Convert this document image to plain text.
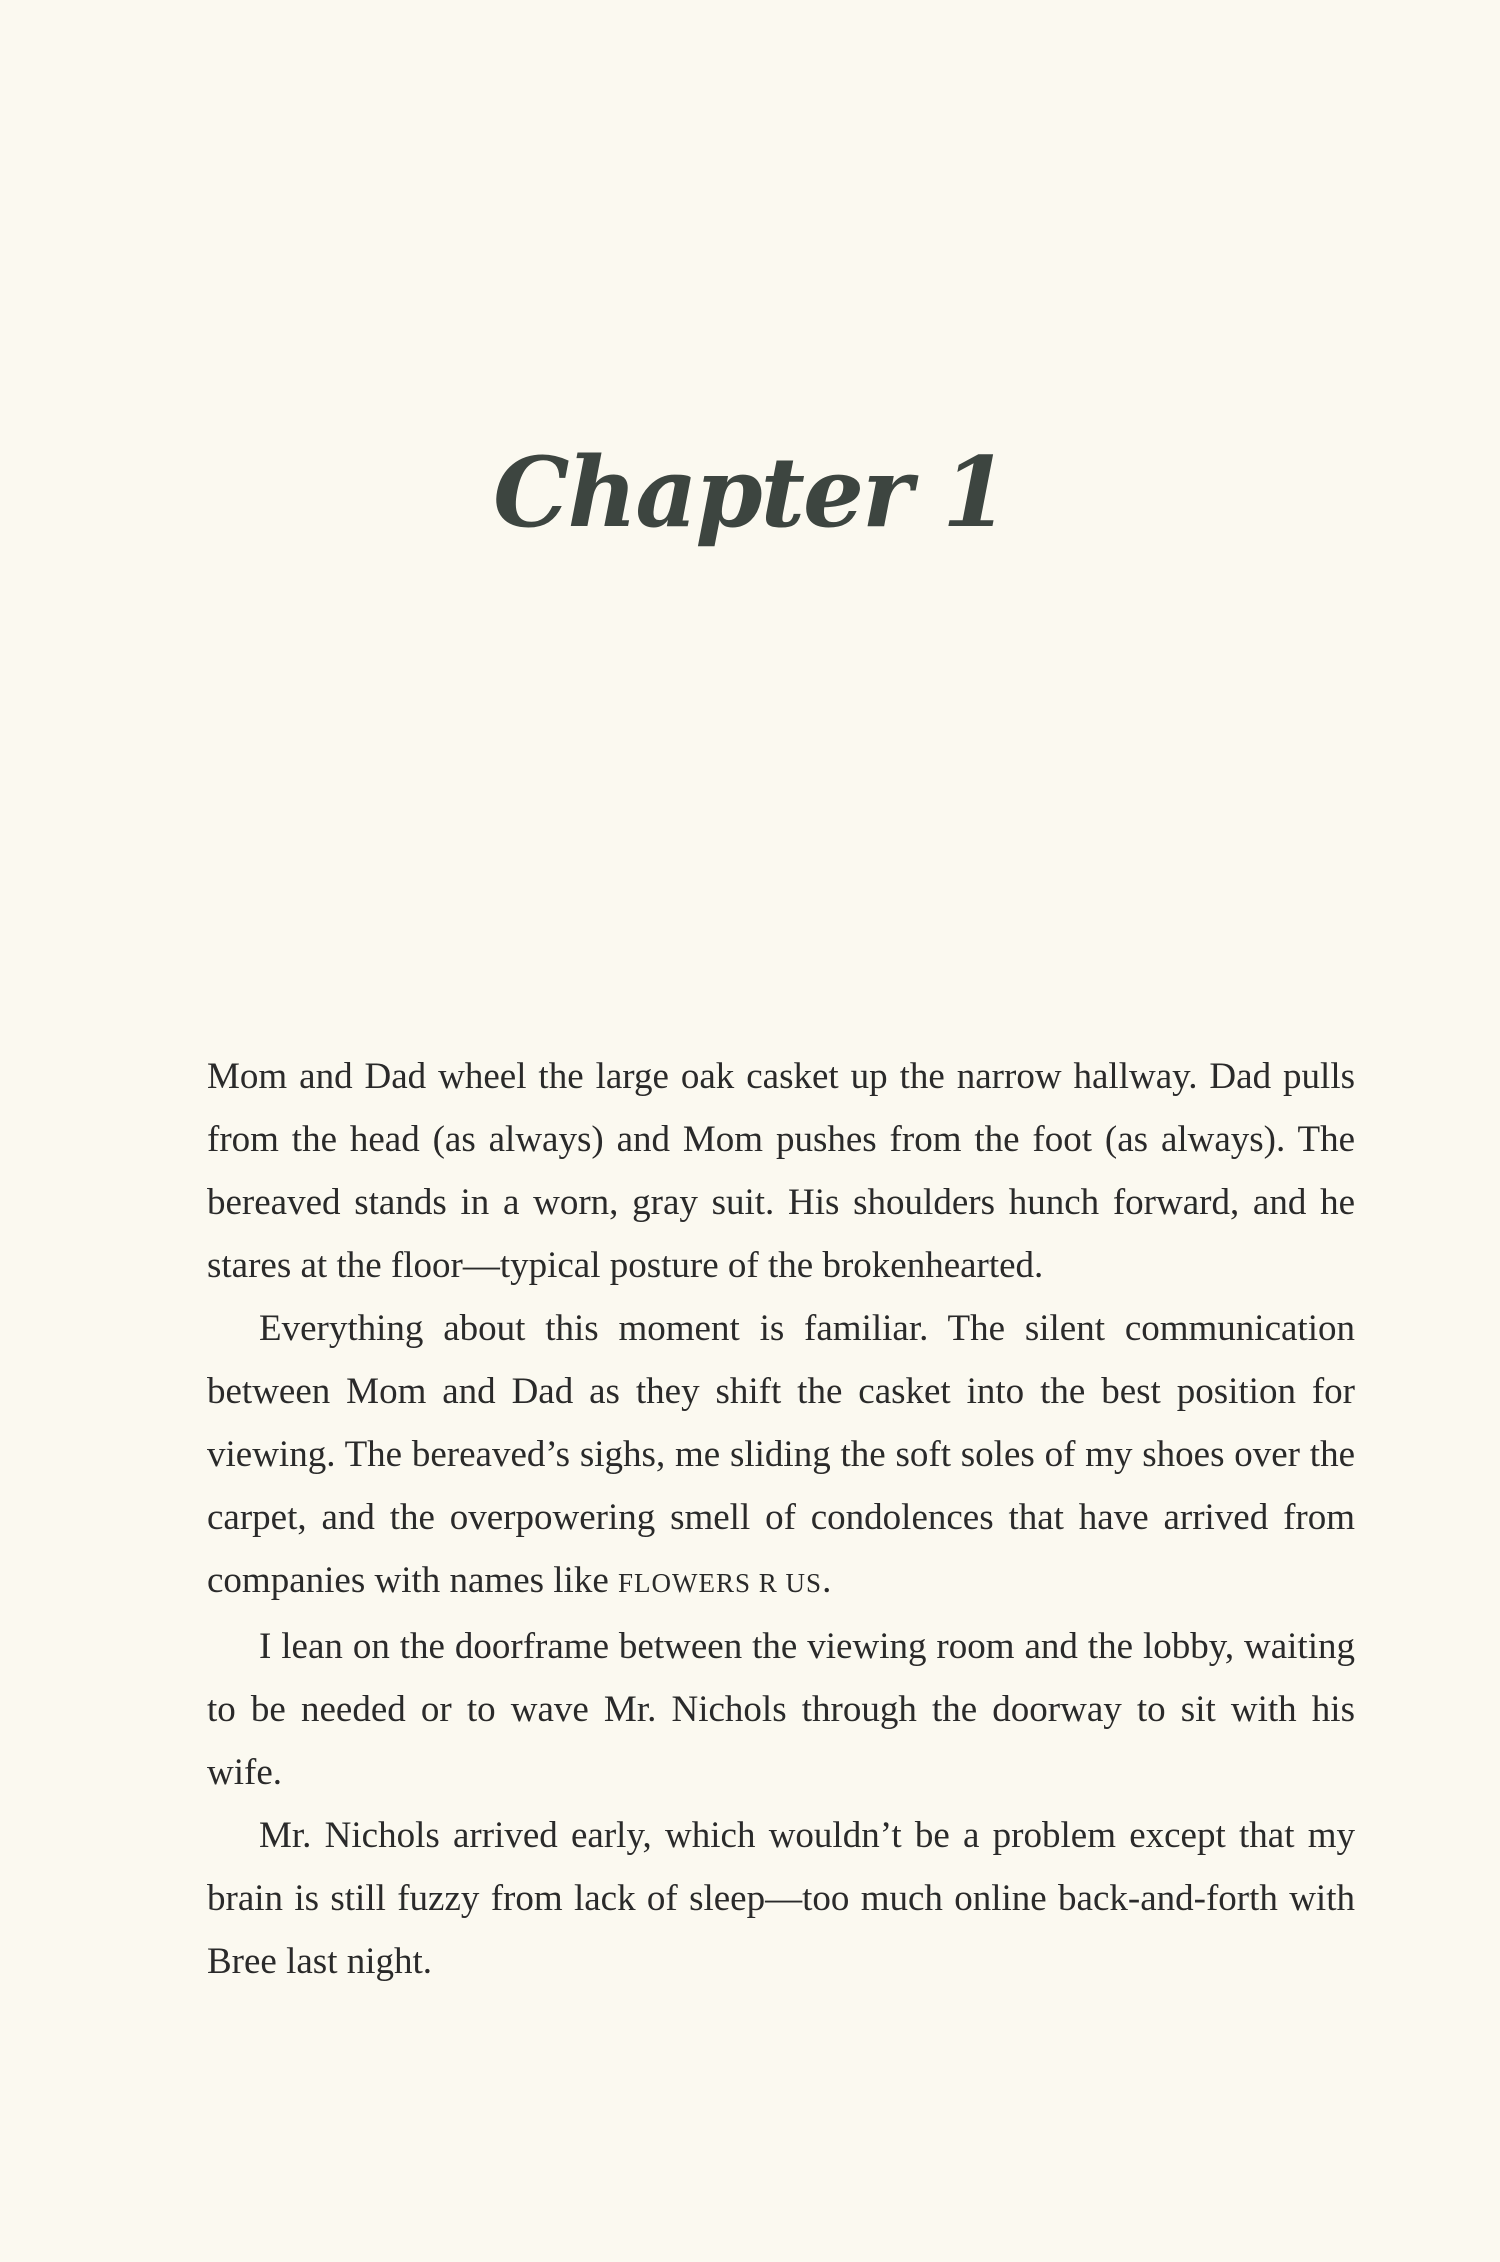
Chapter 1

Mom and Dad wheel the large oak casket up the narrow hallway. Dad pulls from the head (as always) and Mom pushes from the foot (as always). The bereaved stands in a worn, gray suit. His shoulders hunch forward, and he stares at the floor—typical posture of the brokenhearted.

Everything about this moment is familiar. The silent communication between Mom and Dad as they shift the casket into the best position for viewing. The bereaved’s sighs, me sliding the soft soles of my shoes over the carpet, and the overpowering smell of condolences that have arrived from companies with names like FLOWERS R US.

I lean on the doorframe between the viewing room and the lobby, waiting to be needed or to wave Mr. Nichols through the doorway to sit with his wife.

Mr. Nichols arrived early, which wouldn’t be a problem except that my brain is still fuzzy from lack of sleep—too much online back-and-forth with Bree last night.
